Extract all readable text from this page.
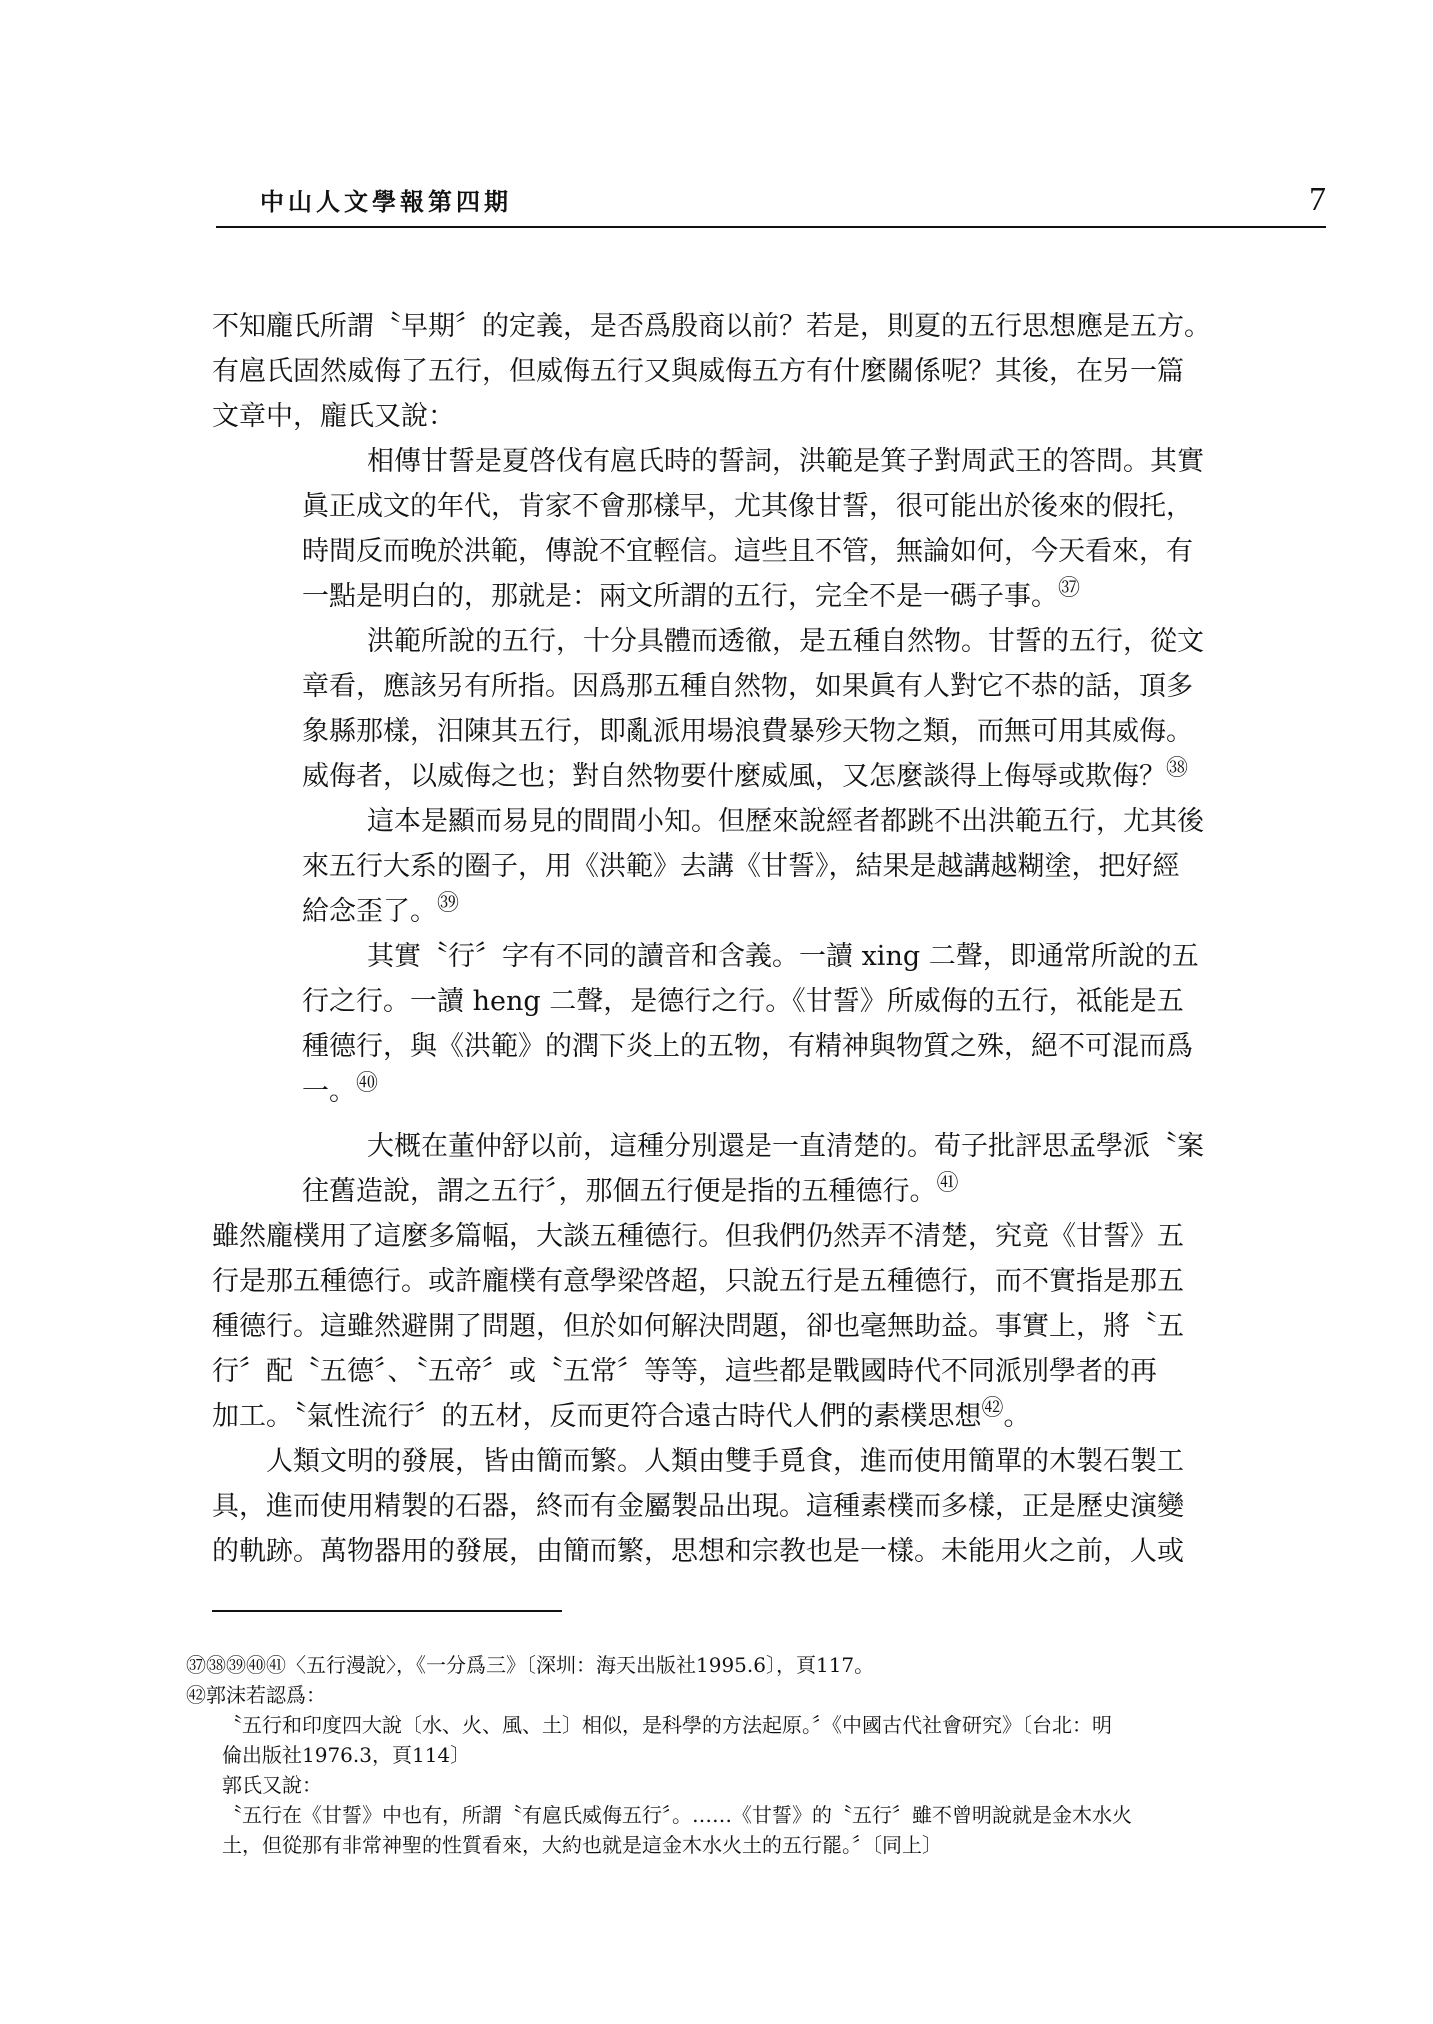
中山人文學報第四期	7
不知龐氏所謂〝早期〞的定義，是否爲殷商以前？若是，則夏的五行思想應是五方。
有扈氏固然威侮了五行，但威侮五行又與威侮五方有什麼關係呢？其後，在另一篇
文章中，龐氏又說：
相傳甘誓是夏啓伐有扈氏時的誓詞，洪範是箕子對周武王的答問。其實
眞正成文的年代，肯家不會那樣早，尤其像甘誓，很可能出於後來的假托，
時間反而晚於洪範，傳說不宜輕信。這些且不管，無論如何，今天看來，有
一點是明白的，那就是：兩文所謂的五行，完全不是一碼子事。$^㊲$
洪範所說的五行，十分具體而透徹，是五種自然物。甘誓的五行，從文
章看，應該另有所指。因爲那五種自然物，如果眞有人對它不恭的話，頂多
象縣那樣，汨陳其五行，即亂派用場浪費暴殄天物之類，而無可用其威侮。
威侮者，以威侮之也；對自然物要什麼威風，又怎麼談得上侮辱或欺侮？$^㊳$
這本是顯而易見的間間小知。但歷來說經者都跳不出洪範五行，尤其後
來五行大系的圈子，用《洪範》去講《甘誓》，結果是越講越糊塗，把好經
給念歪了。$^㊴$
其實〝行〞字有不同的讀音和含義。一讀 xing 二聲，即通常所說的五
行之行。一讀 heng 二聲，是德行之行。《甘誓》所威侮的五行，祗能是五
種德行，與《洪範》的潤下炎上的五物，有精神與物質之殊，絕不可混而爲
一。$^㊵$
大概在董仲舒以前，這種分別還是一直清楚的。荀子批評思孟學派〝案
往舊造說，謂之五行〞，那個五行便是指的五種德行。$^㊶$
雖然龐樸用了這麼多篇幅，大談五種德行。但我們仍然弄不清楚，究竟《甘誓》五
行是那五種德行。或許龐樸有意學梁啓超，只說五行是五種德行，而不實指是那五
種德行。這雖然避開了問題，但於如何解決問題，卻也毫無助益。事實上，將〝五
行〞配〝五德〞、〝五帝〞或〝五常〞等等，這些都是戰國時代不同派別學者的再
加工。〝氣性流行〞的五材，反而更符合遠古時代人們的素樸思想$^㊷$。
人類文明的發展，皆由簡而繁。人類由雙手覓食，進而使用簡單的木製石製工
具，進而使用精製的石器，終而有金屬製品出現。這種素樸而多樣，正是歷史演變
的軌跡。萬物器用的發展，由簡而繁，思想和宗教也是一樣。未能用火之前，人或
㊲㊳㊴㊵㊶〈五行漫說〉，《一分爲三》〔深圳：海天出版社1995.6〕，頁117。
㊷郭沫若認爲：
〝五行和印度四大說〔水、火、風、土〕相似，是科學的方法起原。〞《中國古代社會研究》〔台北：明
倫出版社1976.3，頁114〕
郭氏又說：
〝五行在《甘誓》中也有，所謂〝有扈氏威侮五行〞。……《甘誓》的〝五行〞雖不曾明說就是金木水火
土，但從那有非常神聖的性質看來，大約也就是這金木水火土的五行罷。〞〔同上〕
